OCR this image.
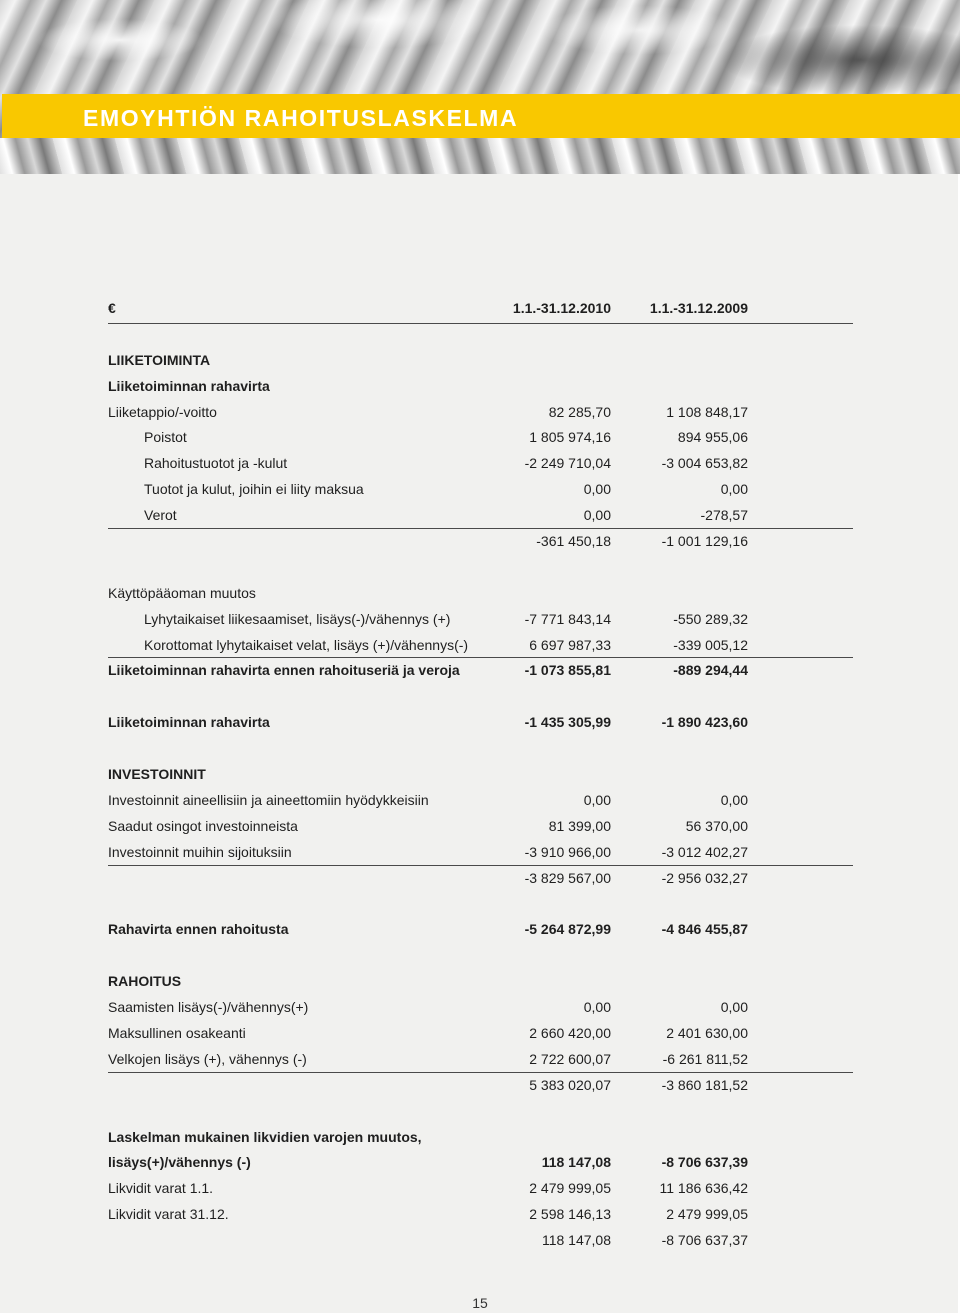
EMOYHTIÖN RAHOITUSLASKELMA
€	1.1.-31.12.2010	1.1.-31.12.2009
LIIKETOIMINTA
Liiketoiminnan rahavirta
Liiketappio/-voitto	82 285,70	1 108 848,17
Poistot	1 805 974,16	894 955,06
Rahoitustuotot ja -kulut	-2 249 710,04	-3 004 653,82
Tuotot ja kulut, joihin ei liity maksua	0,00	0,00
Verot	0,00	-278,57
-361 450,18	-1 001 129,16
Käyttöpääoman muutos
Lyhytaikaiset liikesaamiset, lisäys(-)/vähennys (+)	-7 771 843,14	-550 289,32
Korottomat lyhytaikaiset velat, lisäys (+)/vähennys(-)	6 697 987,33	-339 005,12
Liiketoiminnan rahavirta ennen rahoituseriä ja veroja	-1 073 855,81	-889 294,44
Liiketoiminnan rahavirta	-1 435 305,99	-1 890 423,60
INVESTOINNIT
Investoinnit aineellisiin ja aineettomiin hyödykkeisiin	0,00	0,00
Saadut osingot investoinneista	81 399,00	56 370,00
Investoinnit muihin sijoituksiin	-3 910 966,00	-3 012 402,27
-3 829 567,00	-2 956 032,27
Rahavirta ennen rahoitusta	-5 264 872,99	-4 846 455,87
RAHOITUS
Saamisten lisäys(-)/vähennys(+)	0,00	0,00
Maksullinen osakeanti	2 660 420,00	2 401 630,00
Velkojen lisäys (+), vähennys (-)	2 722 600,07	-6 261 811,52
5 383 020,07	-3 860 181,52
Laskelman mukainen likvidien varojen muutos,
lisäys(+)/vähennys (-)	118 147,08	-8 706 637,39
Likvidit varat 1.1.	2 479 999,05	11 186 636,42
Likvidit varat 31.12.	2 598 146,13	2 479 999,05
118 147,08	-8 706 637,37
15
